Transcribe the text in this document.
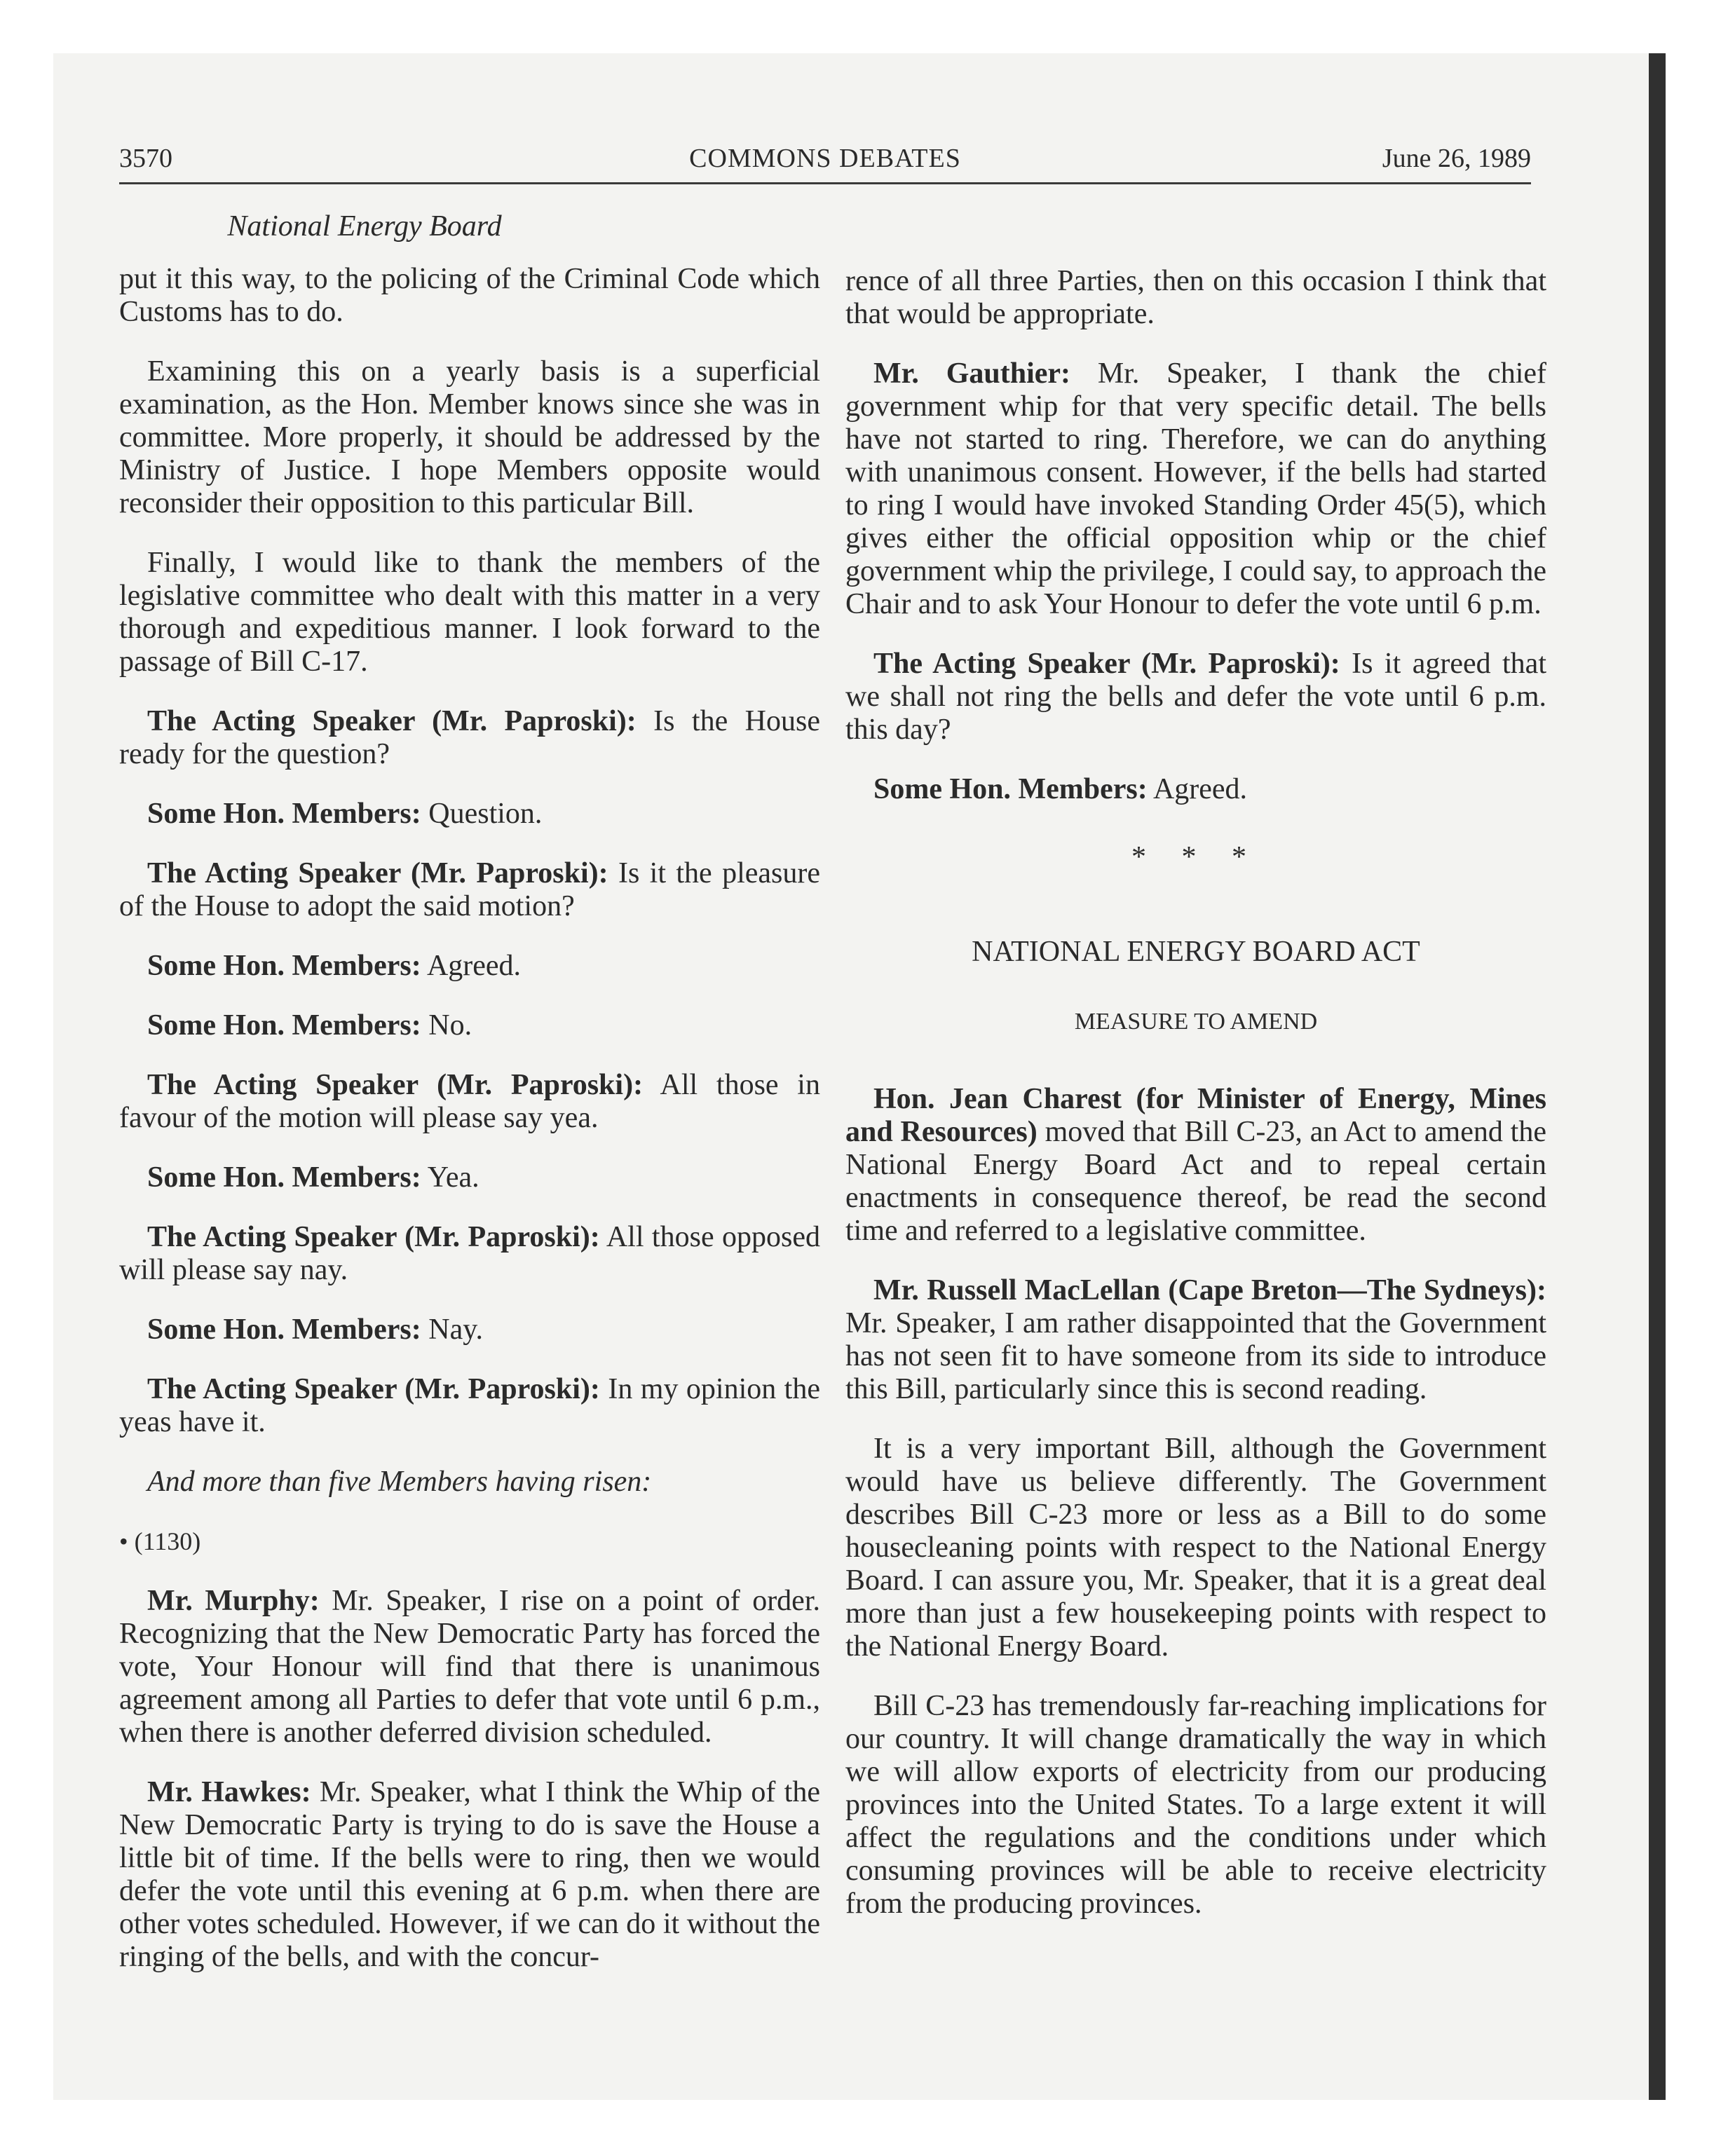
3570	COMMONS DEBATES	June 26, 1989

National Energy Board

put it this way, to the policing of the Criminal Code which Customs has to do.

Examining this on a yearly basis is a superficial examination, as the Hon. Member knows since she was in committee. More properly, it should be addressed by the Ministry of Justice. I hope Members opposite would reconsider their opposition to this particular Bill.

Finally, I would like to thank the members of the legislative committee who dealt with this matter in a very thorough and expeditious manner. I look forward to the passage of Bill C-17.

The Acting Speaker (Mr. Paproski): Is the House ready for the question?

Some Hon. Members: Question.

The Acting Speaker (Mr. Paproski): Is it the pleasure of the House to adopt the said motion?

Some Hon. Members: Agreed.

Some Hon. Members: No.

The Acting Speaker (Mr. Paproski): All those in favour of the motion will please say yea.

Some Hon. Members: Yea.

The Acting Speaker (Mr. Paproski): All those opposed will please say nay.

Some Hon. Members: Nay.

The Acting Speaker (Mr. Paproski): In my opinion the yeas have it.

And more than five Members having risen:

• (1130)

Mr. Murphy: Mr. Speaker, I rise on a point of order. Recognizing that the New Democratic Party has forced the vote, Your Honour will find that there is unanimous agreement among all Parties to defer that vote until 6 p.m., when there is another deferred division scheduled.

Mr. Hawkes: Mr. Speaker, what I think the Whip of the New Democratic Party is trying to do is save the House a little bit of time. If the bells were to ring, then we would defer the vote until this evening at 6 p.m. when there are other votes scheduled. However, if we can do it without the ringing of the bells, and with the concur-

rence of all three Parties, then on this occasion I think that that would be appropriate.

Mr. Gauthier: Mr. Speaker, I thank the chief government whip for that very specific detail. The bells have not started to ring. Therefore, we can do anything with unanimous consent. However, if the bells had started to ring I would have invoked Standing Order 45(5), which gives either the official opposition whip or the chief government whip the privilege, I could say, to approach the Chair and to ask Your Honour to defer the vote until 6 p.m.

The Acting Speaker (Mr. Paproski): Is it agreed that we shall not ring the bells and defer the vote until 6 p.m. this day?

Some Hon. Members: Agreed.

* * *

NATIONAL ENERGY BOARD ACT

MEASURE TO AMEND

Hon. Jean Charest (for Minister of Energy, Mines and Resources) moved that Bill C-23, an Act to amend the National Energy Board Act and to repeal certain enactments in consequence thereof, be read the second time and referred to a legislative committee.

Mr. Russell MacLellan (Cape Breton—The Sydneys): Mr. Speaker, I am rather disappointed that the Government has not seen fit to have someone from its side to introduce this Bill, particularly since this is second reading.

It is a very important Bill, although the Government would have us believe differently. The Government describes Bill C-23 more or less as a Bill to do some housecleaning points with respect to the National Energy Board. I can assure you, Mr. Speaker, that it is a great deal more than just a few housekeeping points with respect to the National Energy Board.

Bill C-23 has tremendously far-reaching implications for our country. It will change dramatically the way in which we will allow exports of electricity from our producing provinces into the United States. To a large extent it will affect the regulations and the conditions under which consuming provinces will be able to receive electricity from the producing provinces.
